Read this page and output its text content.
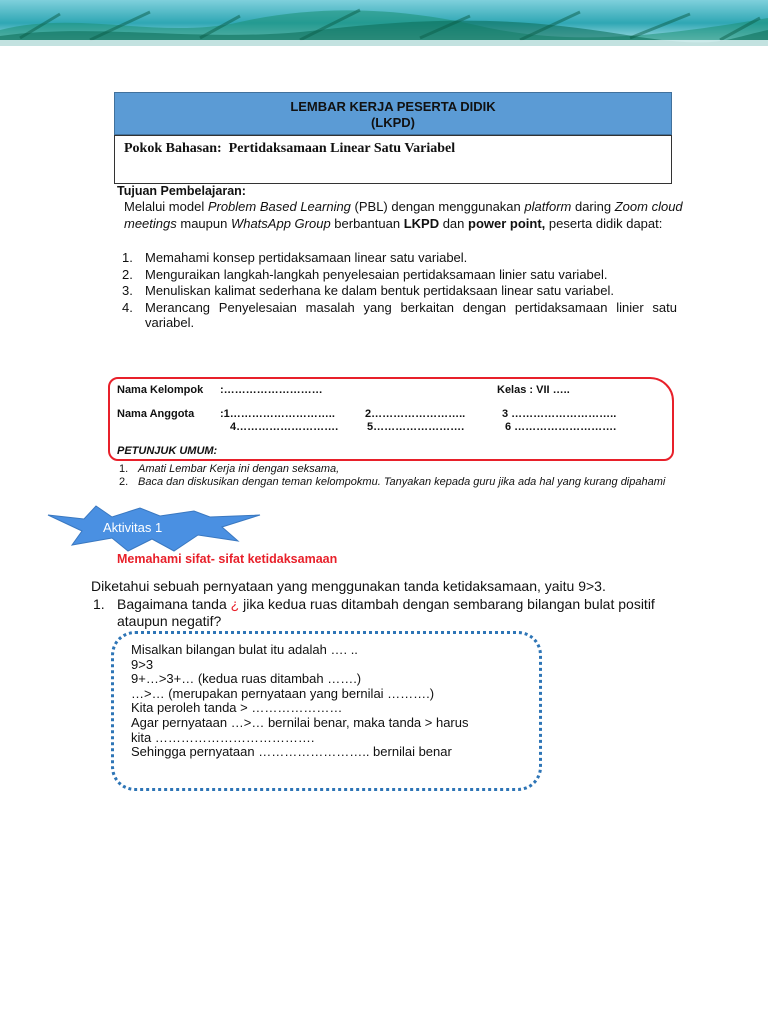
LEMBAR KERJA PESERTA DIDIK
(LKPD)
Pokok Bahasan: Pertidaksamaan Linear Satu Variabel
Tujuan Pembelajaran:
Melalui model Problem Based Learning (PBL) dengan menggunakan platform daring Zoom cloud meetings maupun WhatsApp Group berbantuan LKPD dan power point, peserta didik dapat:
1. Memahami konsep pertidaksamaan linear satu variabel.
2. Menguraikan langkah-langkah penyelesaian pertidaksamaan linier satu variabel.
3. Menuliskan kalimat sederhana ke dalam bentuk pertidaksaan linear satu variabel.
4. Merancang Penyelesaian masalah yang berkaitan dengan pertidaksamaan linier satu variabel.
Nama Kelompok :………………………	Kelas : VII …..
Nama Anggota :1………………………..	2……………………..	3 ………………………..
4……………………….	5…………………….	6 ……………………….
PETUNJUK UMUM:
1. Amati Lembar Kerja ini dengan seksama,
2. Baca dan diskusikan dengan teman kelompokmu. Tanyakan kepada guru jika ada hal yang kurang dipahami
Aktivitas 1
Memahami sifat- sifat ketidaksamaan
Diketahui sebuah pernyataan yang menggunakan tanda ketidaksamaan, yaitu 9>3.
1. Bagaimana tanda ¿ jika kedua ruas ditambah dengan sembarang bilangan bulat positif ataupun negatif?
Misalkan bilangan bulat itu adalah …. ..
9>3
9+…>3+… (kedua ruas ditambah …….)
…>… (merupakan pernyataan yang bernilai ……….)
Kita peroleh tanda > …………………
Agar pernyataan …>… bernilai benar, maka tanda > harus
kita ……………………………….
Sehingga pernyataan …………………….. bernilai benar
